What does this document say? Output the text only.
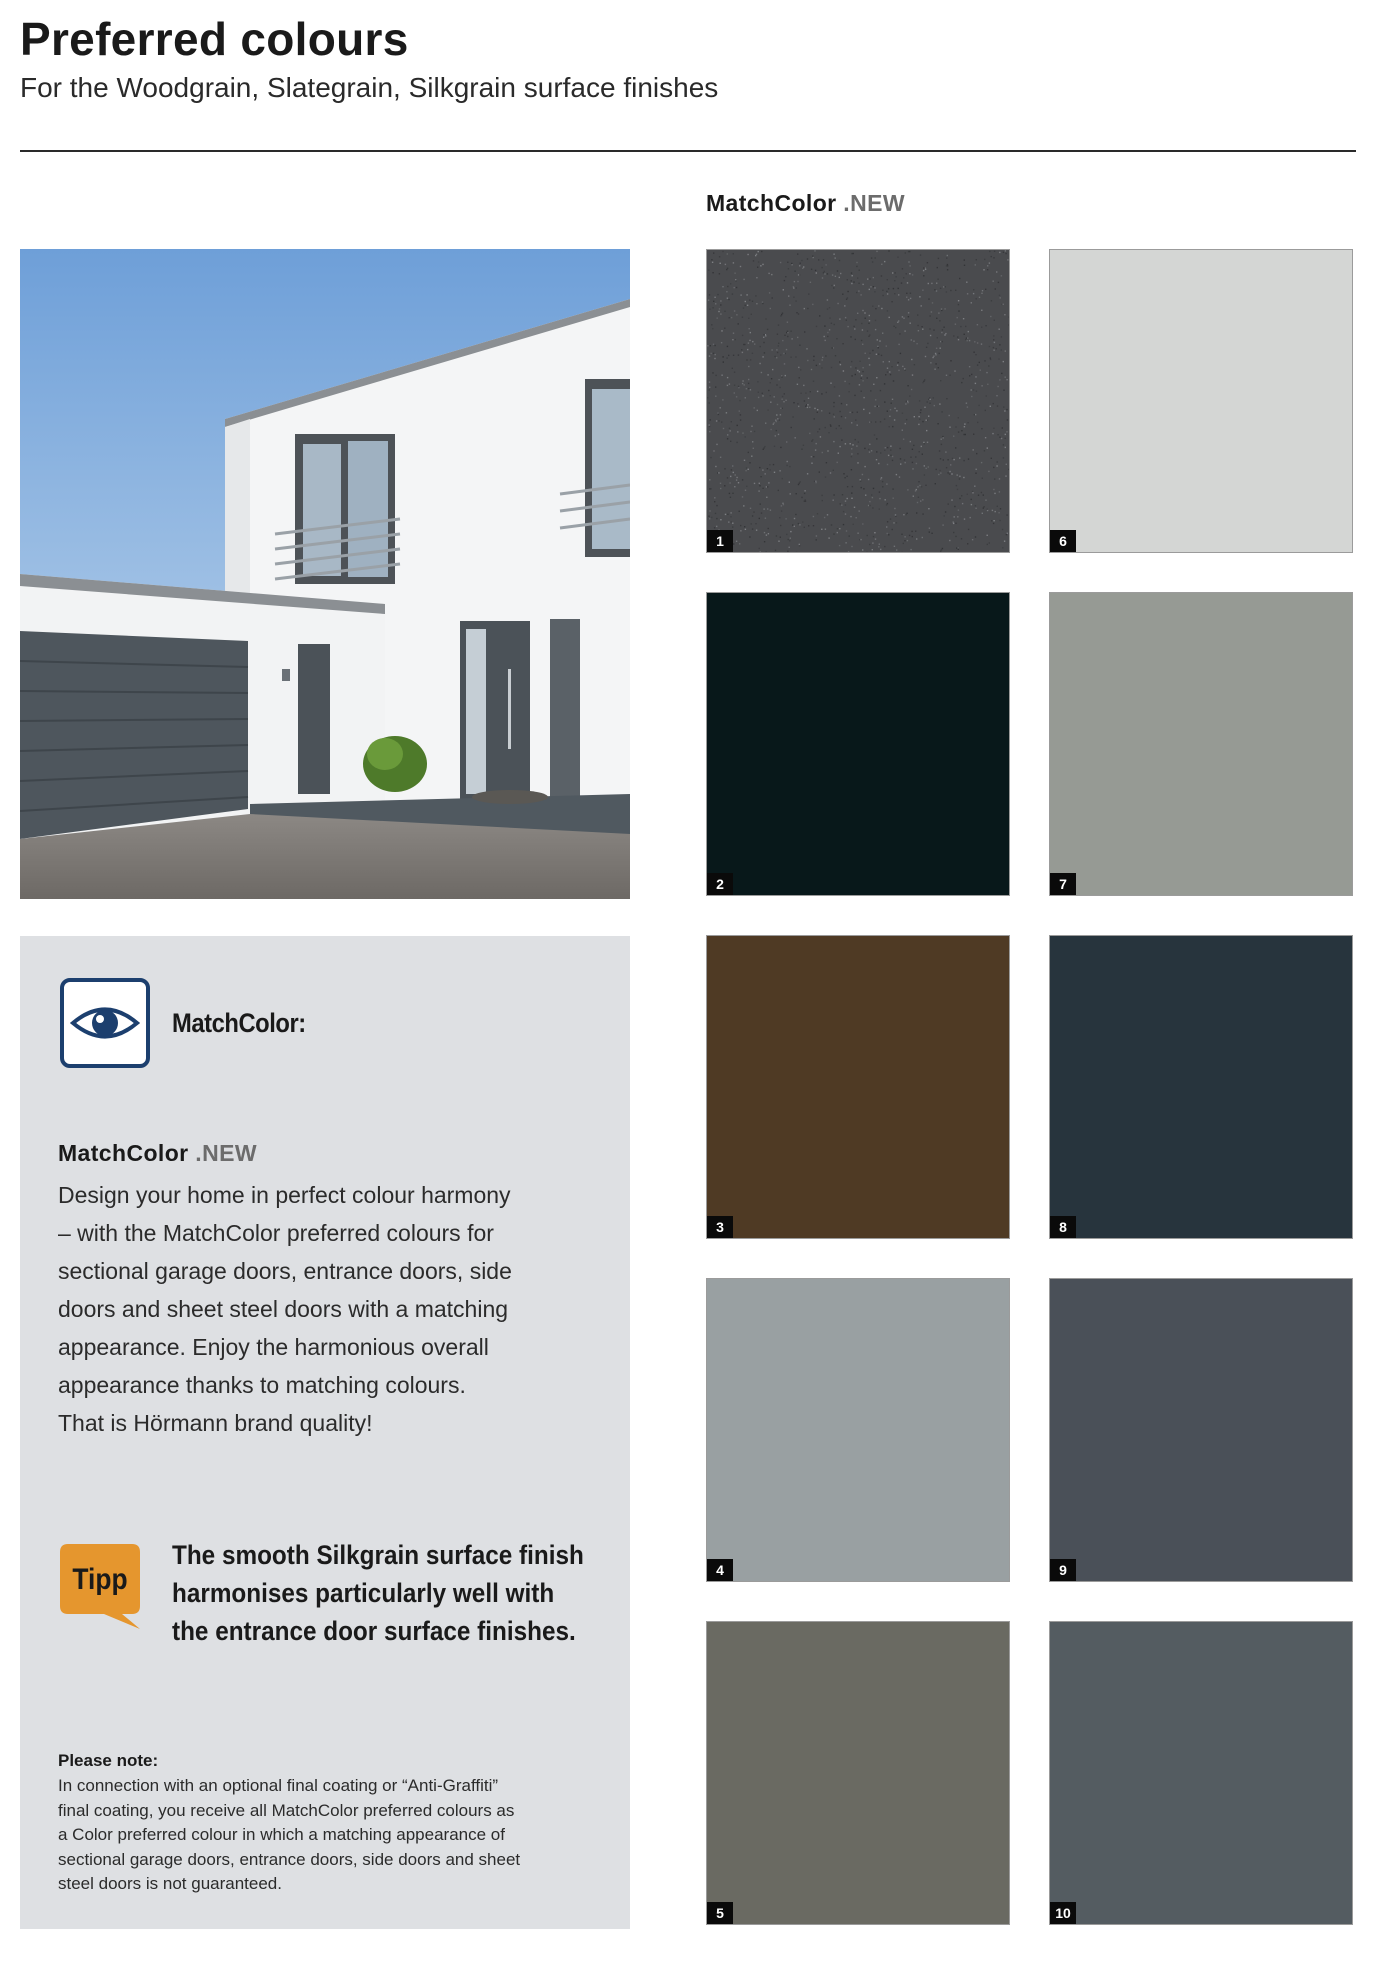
Preferred colours
For the Woodgrain, Slategrain, Silkgrain surface finishes
MatchColor .NEW
MatchColor:
MatchColor .NEW
Design your home in perfect colour harmony
– with the MatchColor preferred colours for
sectional garage doors, entrance doors, side
doors and sheet steel doors with a matching
appearance. Enjoy the harmonious overall
appearance thanks to matching colours.
That is Hörmann brand quality!
Tipp
The smooth Silkgrain surface finish
harmonises particularly well with
the entrance door surface finishes.
Please note:
In connection with an optional final coating or “Anti-Graffiti”
final coating, you receive all MatchColor preferred colours as
a Color preferred colour in which a matching appearance of
sectional garage doors, entrance doors, side doors and sheet
steel doors is not guaranteed.
1
2
3
4
5
6
7
8
9
10
